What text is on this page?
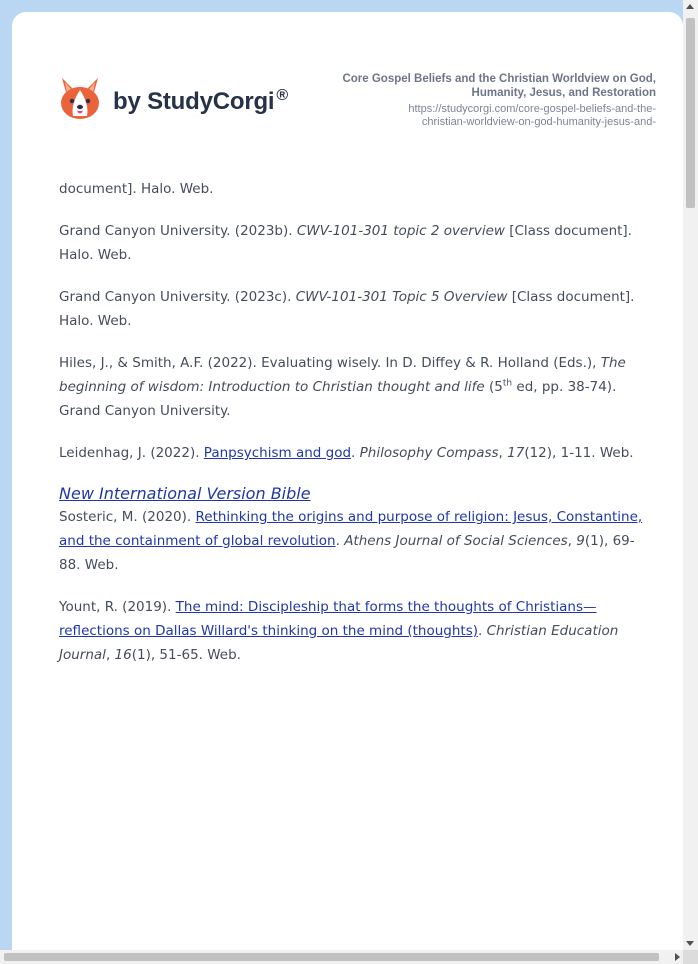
by StudyCorgi ®
Core Gospel Beliefs and the Christian Worldview on God,
Humanity, Jesus, and Restoration
https://studycorgi.com/core-gospel-beliefs-and-the-
christian-worldview-on-god-humanity-jesus-and-

document]. Halo. Web.

Grand Canyon University. (2023b). CWV-101-301 topic 2 overview [Class document]. Halo. Web.

Grand Canyon University. (2023c). CWV-101-301 Topic 5 Overview [Class document]. Halo. Web.

Hiles, J., & Smith, A.F. (2022). Evaluating wisely. In D. Diffey & R. Holland (Eds.), The beginning of wisdom: Introduction to Christian thought and life (5th ed, pp. 38-74). Grand Canyon University.

Leidenhag, J. (2022). Panpsychism and god. Philosophy Compass, 17(12), 1-11. Web.

New International Version Bible

Sosteric, M. (2020). Rethinking the origins and purpose of religion: Jesus, Constantine, and the containment of global revolution. Athens Journal of Social Sciences, 9(1), 69-88. Web.

Yount, R. (2019). The mind: Discipleship that forms the thoughts of Christians—reflections on Dallas Willard's thinking on the mind (thoughts). Christian Education Journal, 16(1), 51-65. Web.
